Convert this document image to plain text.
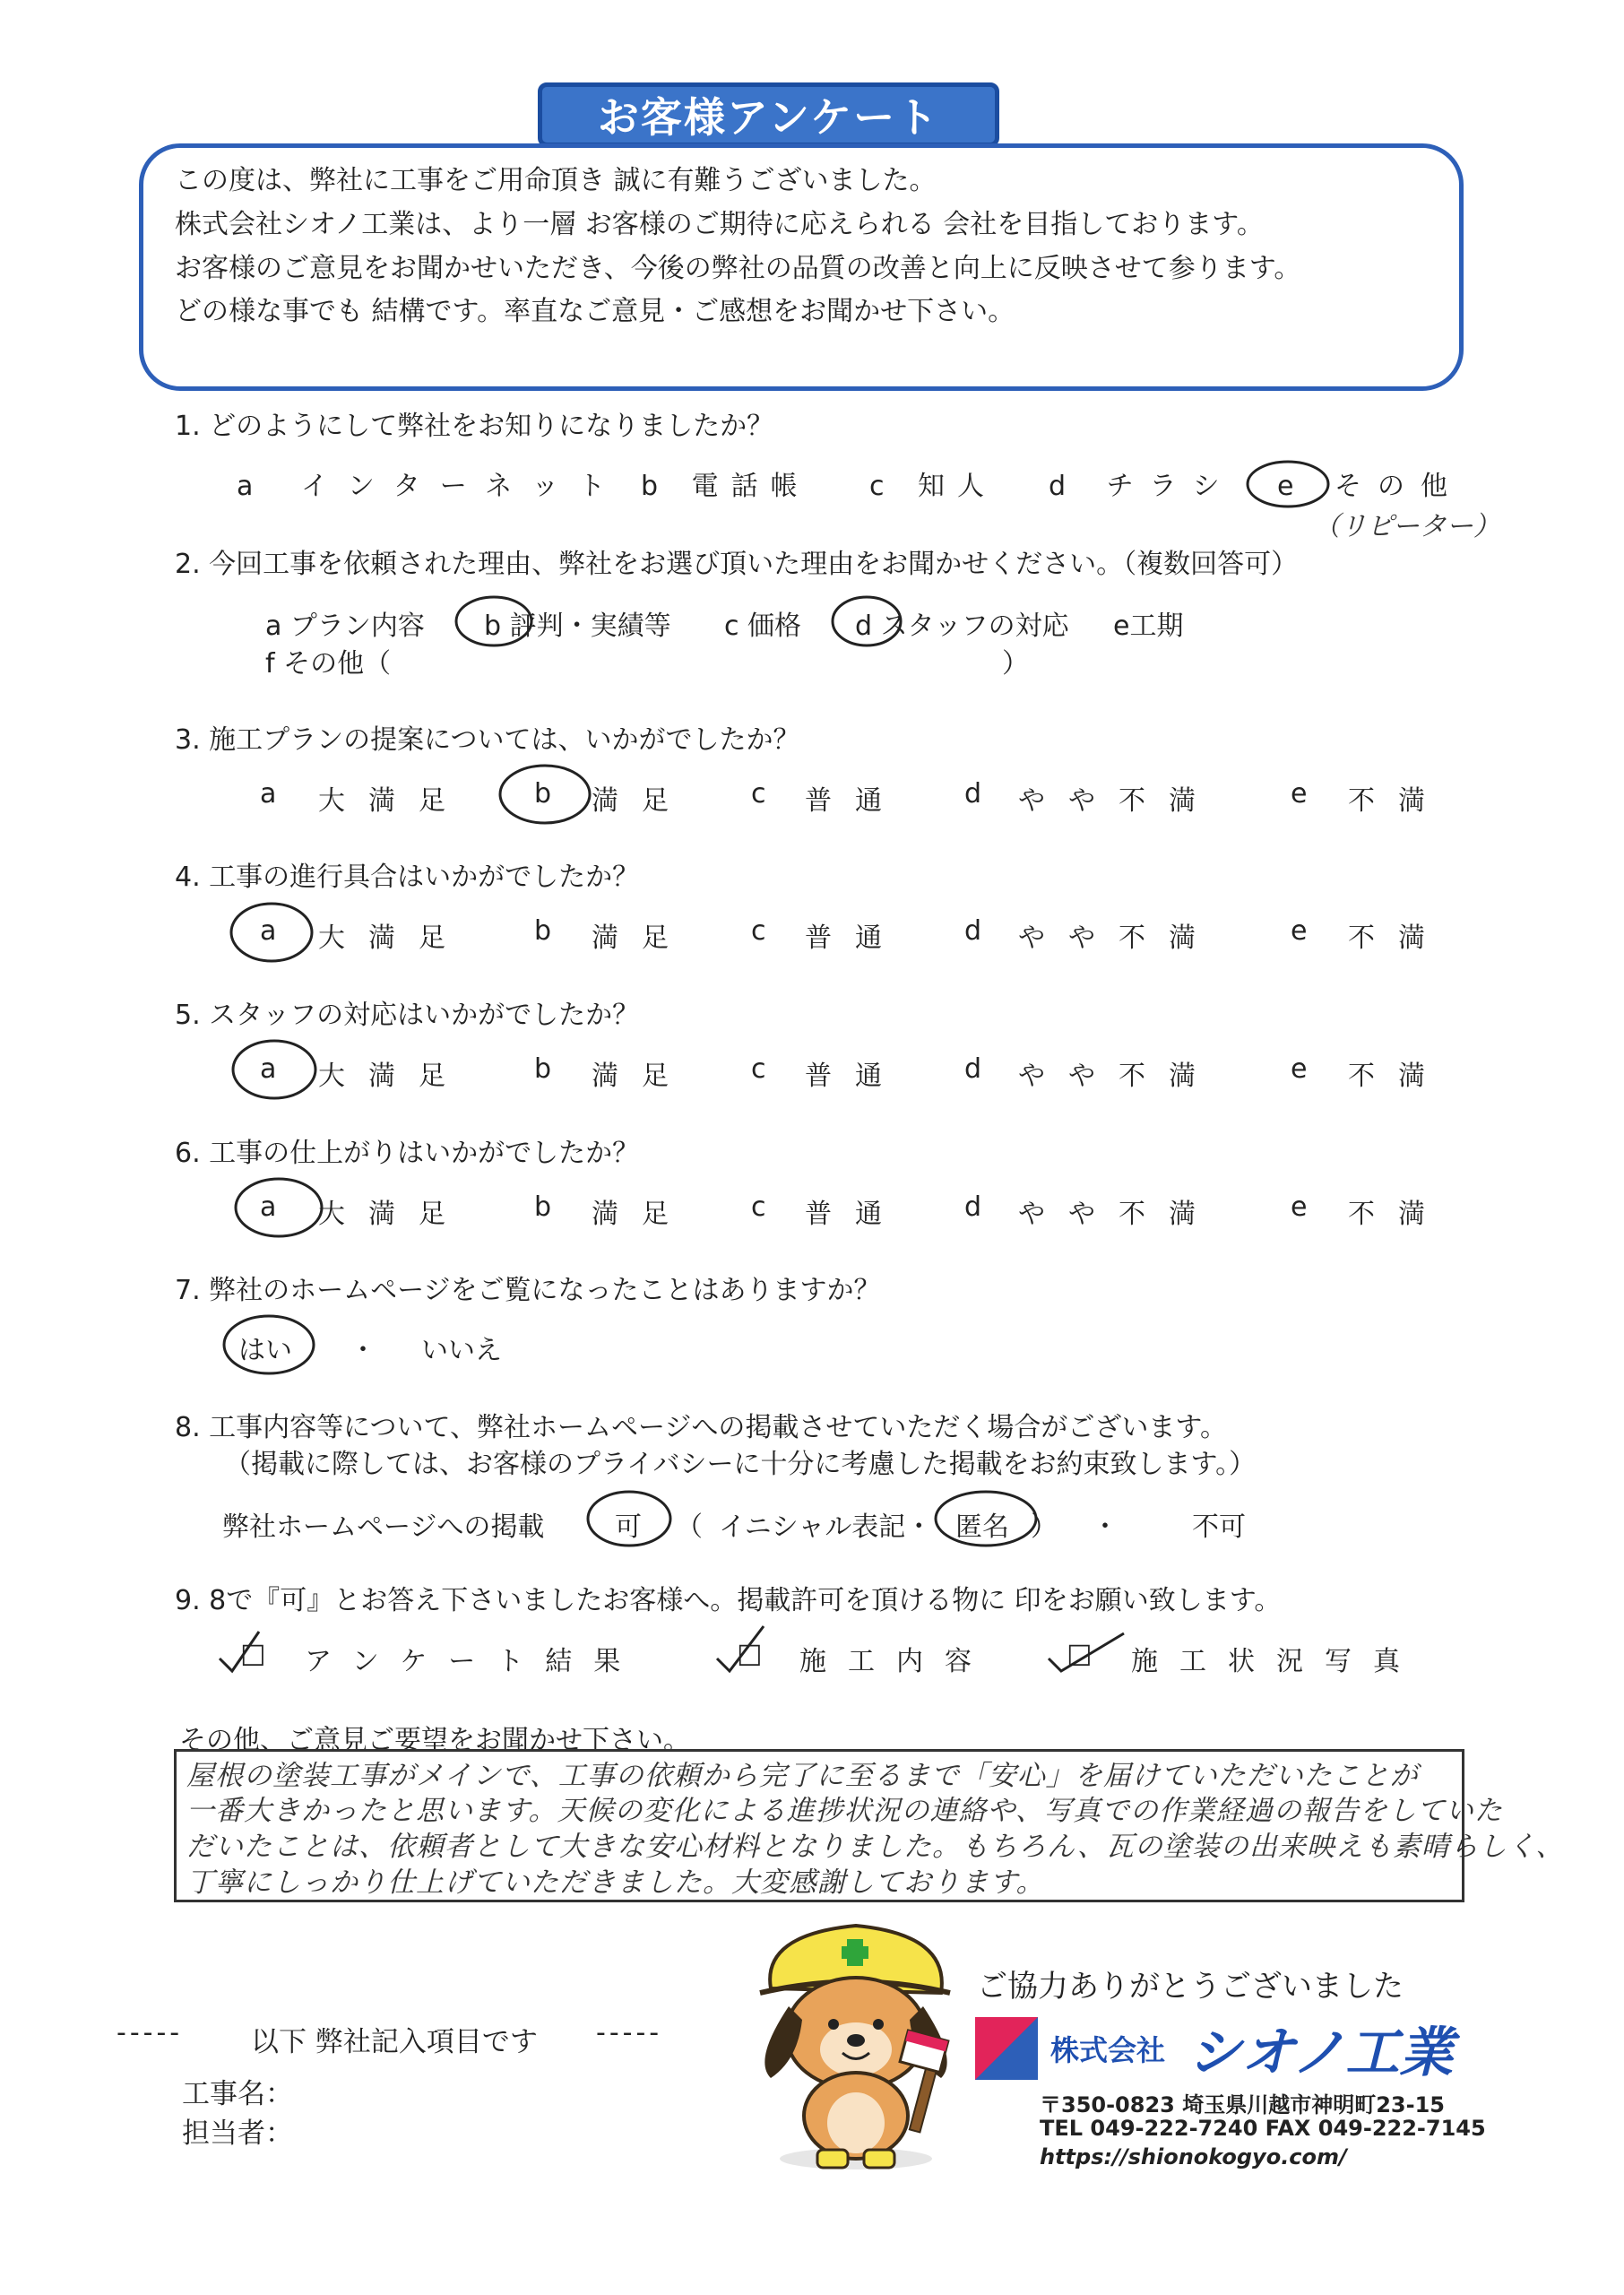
お客様アンケート
この度は、弊社に工事をご用命頂き 誠に有難うございました。
株式会社シオノ工業は、より一層 お客様のご期待に応えられる 会社を目指しております。
お客様のご意見をお聞かせいただき、今後の弊社の品質の改善と向上に反映させて参ります。
どの様な事でも 結構です。率直なご意見・ご感想をお聞かせ下さい。
1. どのようにして弊社をお知りになりましたか？
a インターネット b 電話帳 c 知人 d チラシ e その他
（リピーター）
2. 今回工事を依頼された理由、弊社をお選び頂いた理由をお聞かせください。（複数回答可）
a プラン内容 b 評判・実績等 c 価格 d スタッフの対応 e工期
f その他（	）
3. 施工プランの提案については、いかがでしたか？
a 大満足 b 満足 c 普通 d やや不満	e 不満
4. 工事の進行具合はいかがでしたか？
a 大満足 b 満足 c 普通 d やや不満	e 不満
5. スタッフの対応はいかがでしたか？
a 大満足 b 満足 c 普通 d やや不満	e 不満
6. 工事の仕上がりはいかがでしたか？
a 大満足 b 満足 c 普通 d やや不満	e 不満
7. 弊社のホームページをご覧になったことはありますか？
はい ・ いいえ
8. 工事内容等について、弊社ホームページへの掲載させていただく場合がございます。
（掲載に際しては、お客様のプライバシーに十分に考慮した掲載をお約束致します。）
弊社ホームページへの掲載	可 （ イニシャル表記・ 匿名 ） ・	不可
9. 8で『可』とお答え下さいましたお客様へ。掲載許可を頂ける物に 印をお願い致します。
☐ アンケート結果	☐ 施工内容	☐ 施工状況写真
その他、ご意見ご要望をお聞かせ下さい。
屋根の塗装工事がメインで、工事の依頼から完了に至るまで「安心」を届けていただいたことが
一番大きかったと思います。天候の変化による進捗状況の連絡や、写真での作業経過の報告をしていた
だいたことは、依頼者として大きな安心材料となりました。もちろん、瓦の塗装の出来映えも素晴らしく、
丁寧にしっかり仕上げていただきました。大変感謝しております。
ご協力ありがとうございました
----- 以下 弊社記入項目です -----
工事名：
担当者：
株式会社 シオノ工業
〒350-0823 埼玉県川越市神明町23-15
TEL 049-222-7240 FAX 049-222-7145
https://shionokogyo.com/
